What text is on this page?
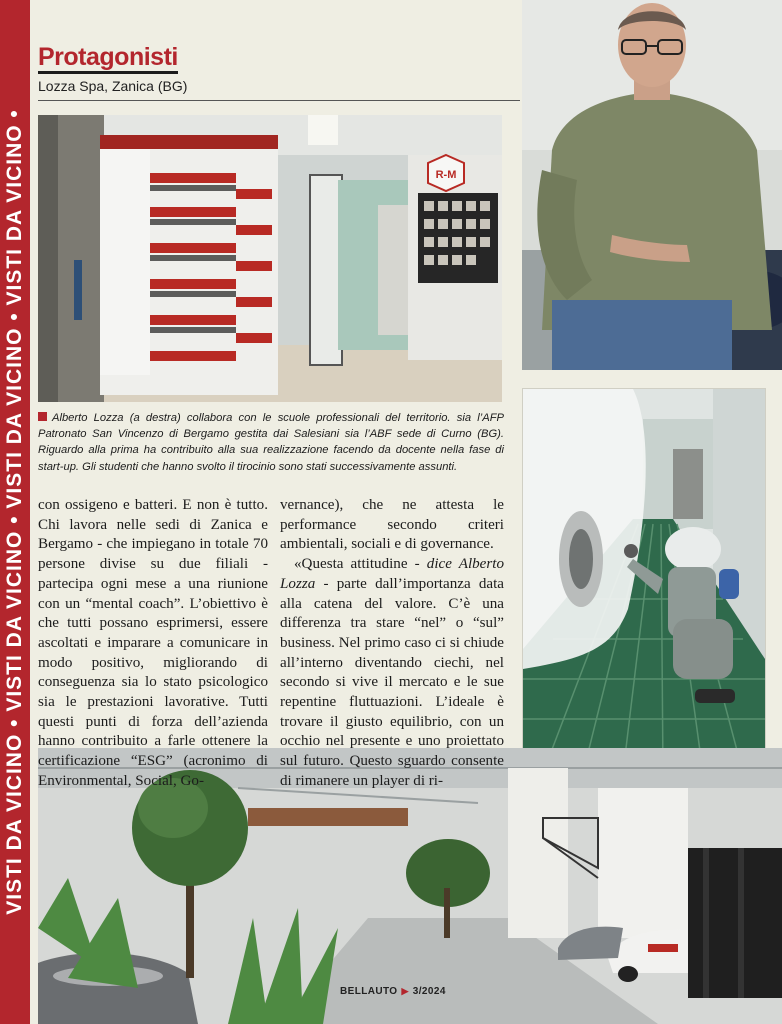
VISTI DA VICINO • VISTI DA VICINO • VISTI DA VICINO • VISTI DA VICINO •
Protagonisti
Lozza Spa, Zanica (BG)
R-M
Alberto Lozza (a destra) collabora con le scuole professionali del territorio. sia l’AFP Patronato San Vincenzo di Bergamo gestita dai Salesiani sia l’ABF sede di Curno (BG). Riguardo alla prima ha contribuito alla sua realizzazione facendo da docente nella fase di start-up. Gli studenti che hanno svolto il tirocinio sono stati successivamente assunti.

con ossigeno e batteri. E non è tutto. Chi lavora nelle sedi di Zanica e Bergamo - che impiegano in totale 70 persone divise su due filiali - partecipa ogni mese a una riunione con un “mental coach”. L’obiettivo è che tutti possano esprimersi, essere ascoltati e imparare a comunicare in modo positivo, migliorando di conseguenza sia lo stato psicologico sia le prestazioni lavorative. Tutti questi punti di forza dell’azienda hanno contribuito a farle ottenere la certificazione “ESG” (acronimo di Environmental, Social, Go-

vernance), che ne attesta le performance secondo criteri ambientali, sociali e di governance.

«Questa attitudine - dice Alberto Lozza - parte dall’importanza data alla catena del valore. C’è una differenza tra stare “nel” o “sul” business. Nel primo caso ci si chiude all’interno diventando ciechi, nel secondo si vive il mercato e le sue repentine fluttuazioni. L’ideale è trovare il giusto equilibrio, con un occhio nel presente e uno proiettato sul futuro. Questo sguardo consente di rimanere un player di ri-

BELLAUTO ▶ 3/2024
